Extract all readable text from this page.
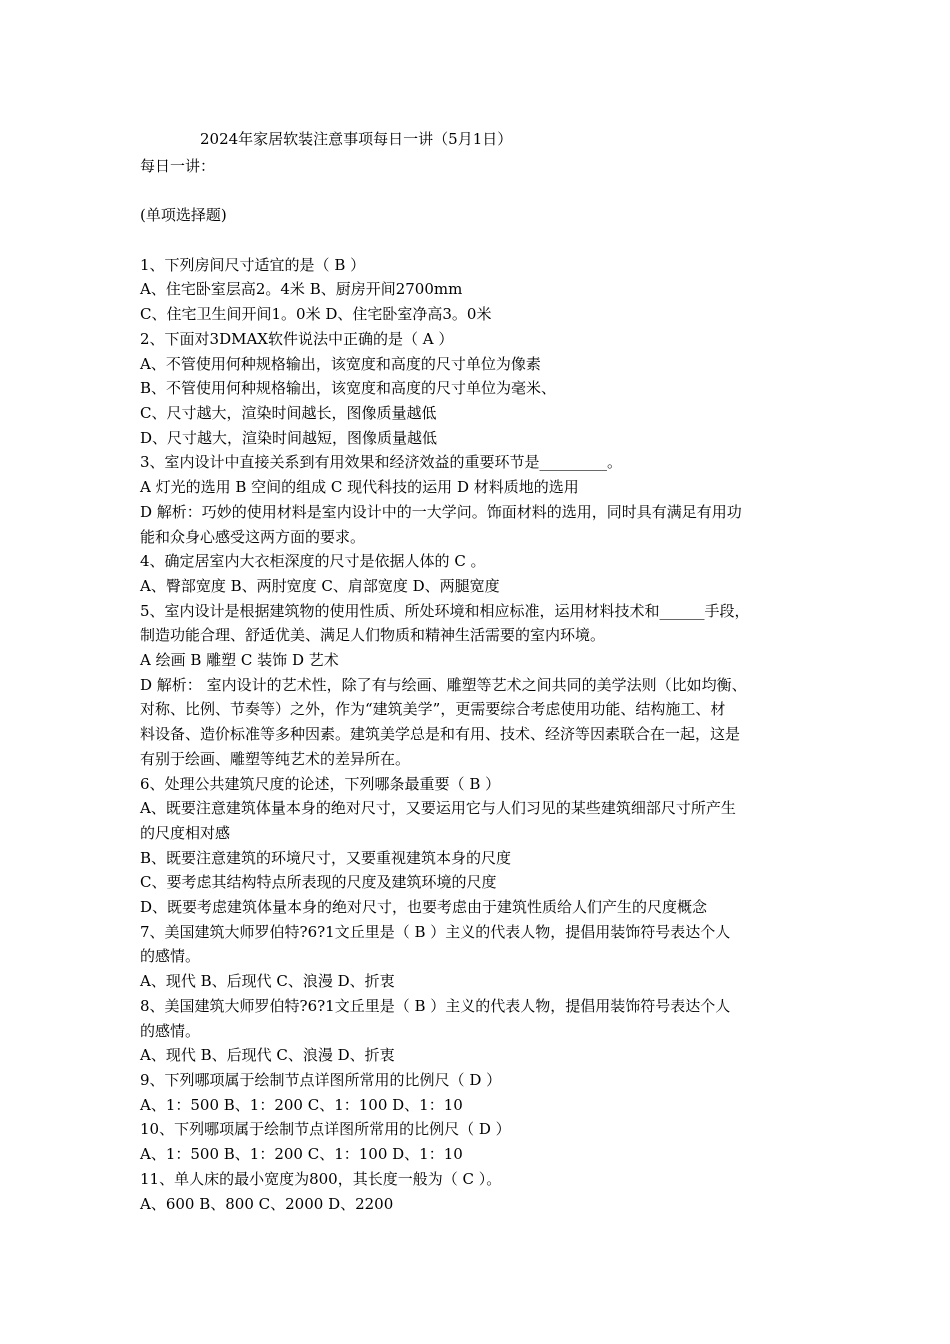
2024年家居软装注意事项每日一讲（5月1日）
每日一讲：
(单项选择题)
1、下列房间尺寸适宜的是（ B ）
A、住宅卧室层高2。4米 B、厨房开间2700mm
C、住宅卫生间开间1。0米 D、住宅卧室净高3。0米
2、下面对3DMAX软件说法中正确的是（ A ）
A、不管使用何种规格输出，该宽度和高度的尺寸单位为像素
B、不管使用何种规格输出，该宽度和高度的尺寸单位为毫米、
C、尺寸越大，渲染时间越长，图像质量越低
D、尺寸越大，渲染时间越短，图像质量越低
3、室内设计中直接关系到有用效果和经济效益的重要环节是_________。
A 灯光的选用 B 空间的组成 C 现代科技的运用 D 材料质地的选用
D 解析：巧妙的使用材料是室内设计中的一大学问。饰面材料的选用，同时具有满足有用功
能和众身心感受这两方面的要求。
4、确定居室内大衣柜深度的尺寸是依据人体的 C 。
A、臀部宽度 B、两肘宽度 C、肩部宽度 D、两腿宽度
5、室内设计是根据建筑物的使用性质、所处环境和相应标准，运用材料技术和______手段，
制造功能合理、舒适优美、满足人们物质和精神生活需要的室内环境。
A 绘画 B 雕塑 C 装饰 D 艺术
D 解析： 室内设计的艺术性，除了有与绘画、雕塑等艺术之间共同的美学法则（比如均衡、
对称、比例、节奏等）之外，作为“建筑美学”，更需要综合考虑使用功能、结构施工、材
料设备、造价标准等多种因素。建筑美学总是和有用、技术、经济等因素联合在一起，这是
有别于绘画、雕塑等纯艺术的差异所在。
6、处理公共建筑尺度的论述，下列哪条最重要（ B ）
A、既要注意建筑体量本身的绝对尺寸，又要运用它与人们习见的某些建筑细部尺寸所产生
的尺度相对感
B、既要注意建筑的环境尺寸，又要重视建筑本身的尺度
C、要考虑其结构特点所表现的尺度及建筑环境的尺度
D、既要考虑建筑体量本身的绝对尺寸，也要考虑由于建筑性质给人们产生的尺度概念
7、美国建筑大师罗伯特?6?1文丘里是（ B ）主义的代表人物，提倡用装饰符号表达个人
的感情。
A、现代 B、后现代 C、浪漫 D、折衷
8、美国建筑大师罗伯特?6?1文丘里是（ B ）主义的代表人物，提倡用装饰符号表达个人
的感情。
A、现代 B、后现代 C、浪漫 D、折衷
9、下列哪项属于绘制节点详图所常用的比例尺（ D ）
A、1：500 B、1：200 C、1：100 D、1：10
10、下列哪项属于绘制节点详图所常用的比例尺（ D ）
A、1：500 B、1：200 C、1：100 D、1：10
11、单人床的最小宽度为800，其长度一般为（ C ）。
A、600 B、800 C、2000 D、2200
